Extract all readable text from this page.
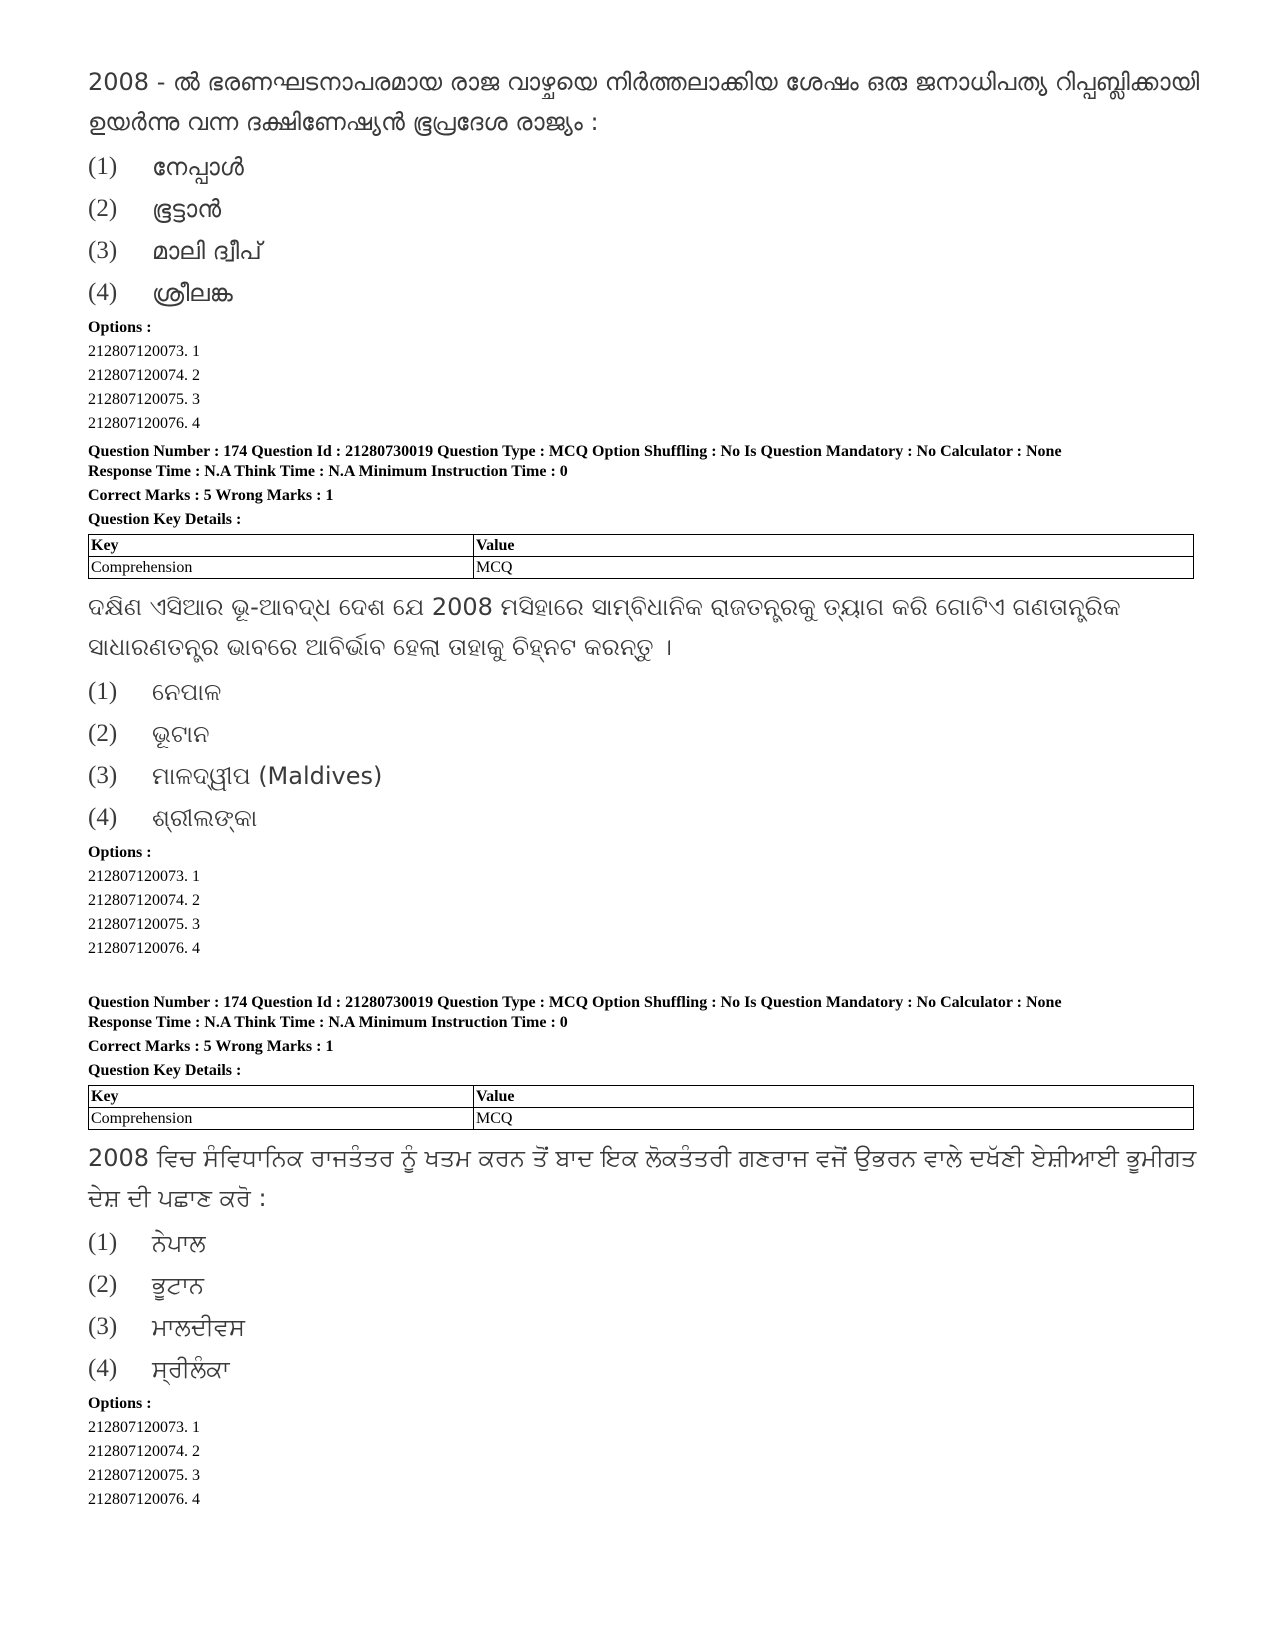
2008 - ൽ ഭരണഘടനാപരമായ രാജ വാഴ്ചയെ നിർത്തലാക്കിയ ശേഷം ഒരു ജനാധിപത്യ റിപ്പബ്ലിക്കായി ഉയർന്നു വന്ന ദക്ഷിണേഷ്യൻ ഭൂപ്രദേശ രാജ്യം :

(1)	നേപ്പാൾ
(2)	ഭൂട്ടാൻ
(3)	മാലി ദ്വീപ്
(4)	ശ്രീലങ്ക
Options :
212807120073. 1
212807120074. 2
212807120075. 3
212807120076. 4

Question Number : 174 Question Id : 21280730019 Question Type : MCQ Option Shuffling : No Is Question Mandatory : No Calculator : None

Response Time : N.A Think Time : N.A Minimum Instruction Time : 0

Correct Marks : 5 Wrong Marks : 1

Question Key Details :

Key	Value
Comprehension	MCQ

ଦକ୍ଷିଣ ଏସିଆର ଭୂ-ଆବଦ୍ଧ ଦେଶ ଯେ 2008 ମସିହାରେ ସାମ୍ବିଧାନିକ ରାଜତନ୍ତ୍ରକୁ ତ୍ୟାଗ କରି ଗୋଟିଏ ଗଣତାନ୍ତ୍ରିକ ସାଧାରଣତନ୍ତ୍ର ଭାବରେ ଆବିର୍ଭାବ ହେଲା ତାହାକୁ ଚିହ୍ନଟ କରନ୍ତୁ ।

(1)	ନେପାଳ
(2)	ଭୂଟାନ
(3)	ମାଳଦ୍ୱୀପ (Maldives)
(4)	ଶ୍ରୀଲଙ୍କା
Options :
212807120073. 1
212807120074. 2
212807120075. 3
212807120076. 4

Question Number : 174 Question Id : 21280730019 Question Type : MCQ Option Shuffling : No Is Question Mandatory : No Calculator : None

Response Time : N.A Think Time : N.A Minimum Instruction Time : 0

Correct Marks : 5 Wrong Marks : 1

Question Key Details :

Key	Value
Comprehension	MCQ

2008 ਵਿਚ ਸੰਵਿਧਾਨਿਕ ਰਾਜਤੰਤਰ ਨੂੰ ਖਤਮ ਕਰਨ ਤੋਂ ਬਾਦ ਇਕ ਲੋਕਤੰਤਰੀ ਗਣਰਾਜ ਵਜੋਂ ਉਭਰਨ ਵਾਲੇ ਦਖੱਣੀ ਏਸ਼ੀਆਈ ਭੂਮੀਗਤ ਦੇਸ਼ ਦੀ ਪਛਾਣ ਕਰੋ :

(1)	ਨੇਪਾਲ
(2)	ਭੂਟਾਨ
(3)	ਮਾਲਦੀਵਸ
(4)	ਸ੍ਰੀਲੰਕਾ
Options :
212807120073. 1
212807120074. 2
212807120075. 3
212807120076. 4
